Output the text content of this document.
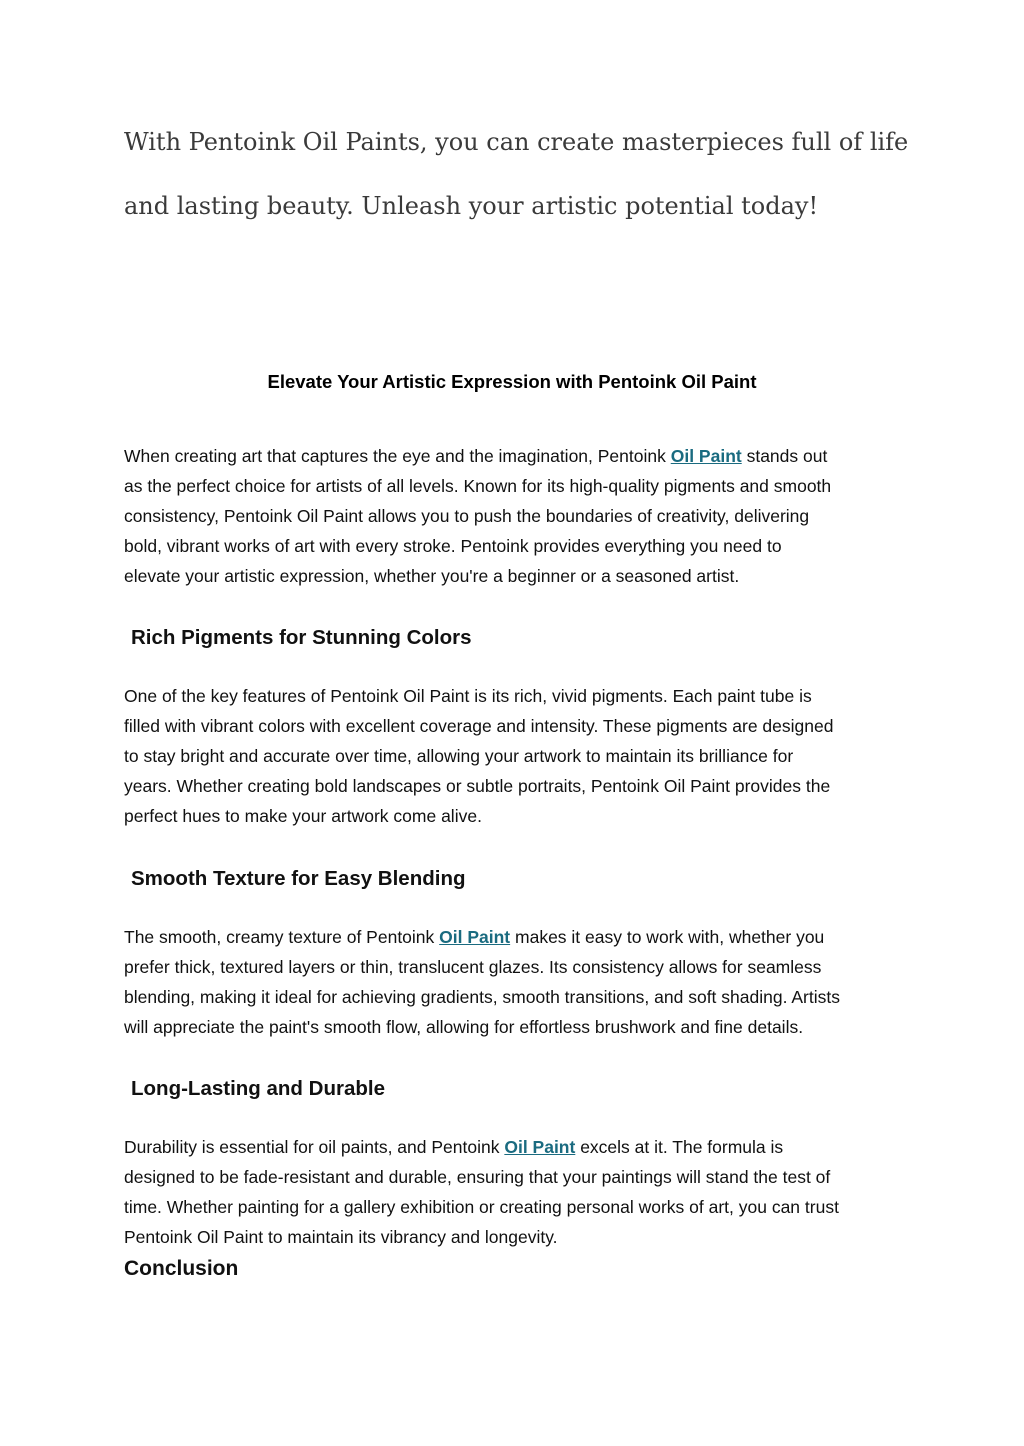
With Pentoink Oil Paints, you can create masterpieces full of life
and lasting beauty. Unleash your artistic potential today!

Elevate Your Artistic Expression with Pentoink Oil Paint

When creating art that captures the eye and the imagination, Pentoink Oil Paint stands out
as the perfect choice for artists of all levels. Known for its high-quality pigments and smooth
consistency, Pentoink Oil Paint allows you to push the boundaries of creativity, delivering
bold, vibrant works of art with every stroke. Pentoink provides everything you need to
elevate your artistic expression, whether you're a beginner or a seasoned artist.

Rich Pigments for Stunning Colors

One of the key features of Pentoink Oil Paint is its rich, vivid pigments. Each paint tube is
filled with vibrant colors with excellent coverage and intensity. These pigments are designed
to stay bright and accurate over time, allowing your artwork to maintain its brilliance for
years. Whether creating bold landscapes or subtle portraits, Pentoink Oil Paint provides the
perfect hues to make your artwork come alive.

Smooth Texture for Easy Blending

The smooth, creamy texture of Pentoink Oil Paint makes it easy to work with, whether you
prefer thick, textured layers or thin, translucent glazes. Its consistency allows for seamless
blending, making it ideal for achieving gradients, smooth transitions, and soft shading. Artists
will appreciate the paint's smooth flow, allowing for effortless brushwork and fine details.

Long-Lasting and Durable

Durability is essential for oil paints, and Pentoink Oil Paint excels at it. The formula is
designed to be fade-resistant and durable, ensuring that your paintings will stand the test of
time. Whether painting for a gallery exhibition or creating personal works of art, you can trust
Pentoink Oil Paint to maintain its vibrancy and longevity.

Conclusion
